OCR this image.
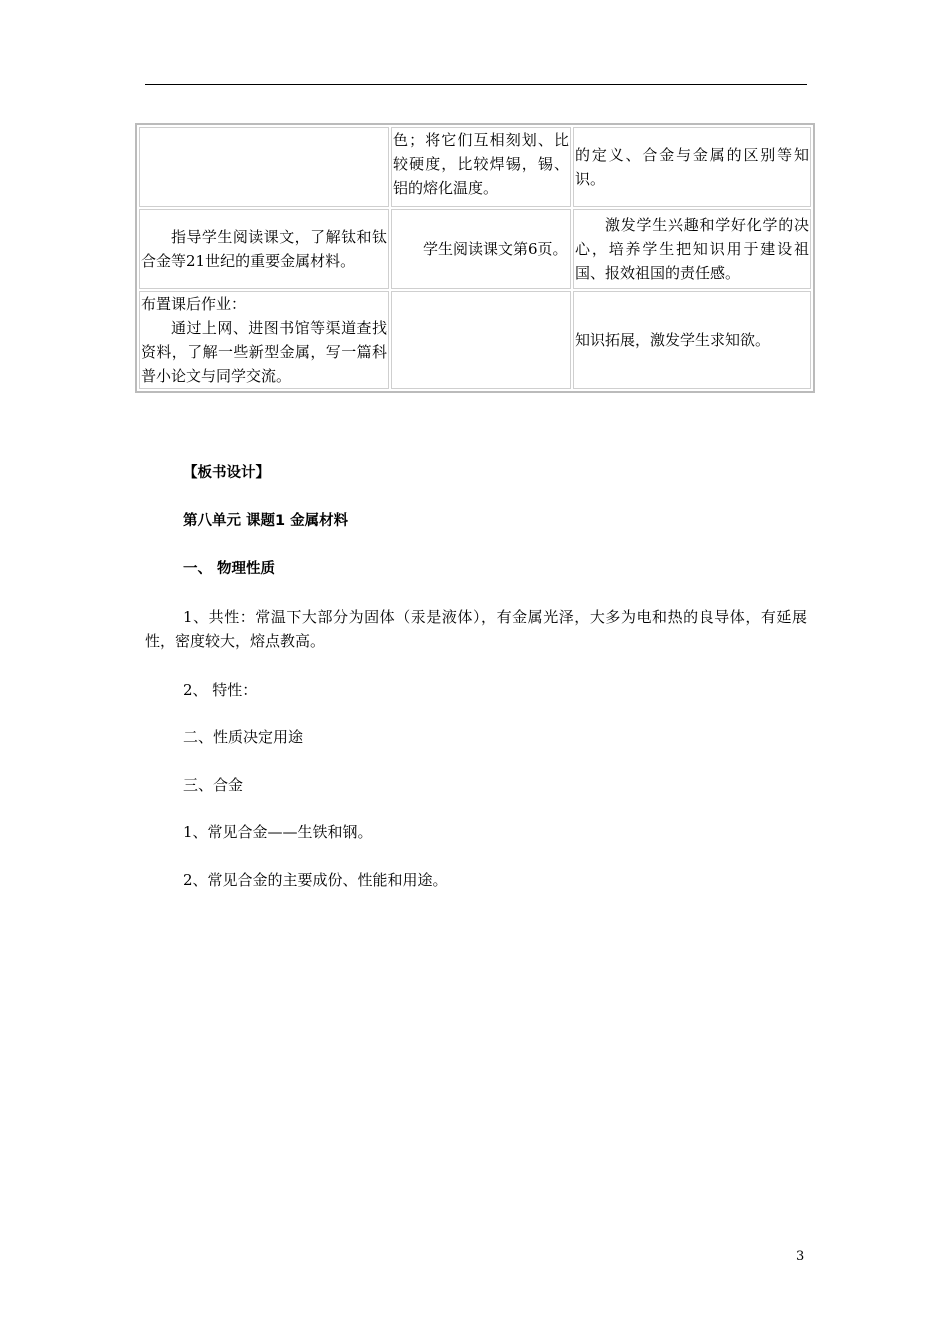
	色；将它们互相刻划、比较硬度，比较焊锡，锡、铝的熔化温度。	的定义、合金与金属的区别等知识。
指导学生阅读课文，了解钛和钛合金等21世纪的重要金属材料。	学生阅读课文第6页。	激发学生兴趣和学好化学的决心，培养学生把知识用于建设祖国、报效祖国的责任感。
布置课后作业：
通过上网、进图书馆等渠道查找资料，了解一些新型金属，写一篇科普小论文与同学交流。		知识拓展，激发学生求知欲。
【板书设计】
第八单元 课题1 金属材料
一、 物理性质
1、共性：常温下大部分为固体（汞是液体），有金属光泽，大多为电和热的良导体，有延展性，密度较大，熔点教高。
2、 特性：
二、性质决定用途
三、合金
1、常见合金——生铁和钢。
2、常见合金的主要成份、性能和用途。
3
